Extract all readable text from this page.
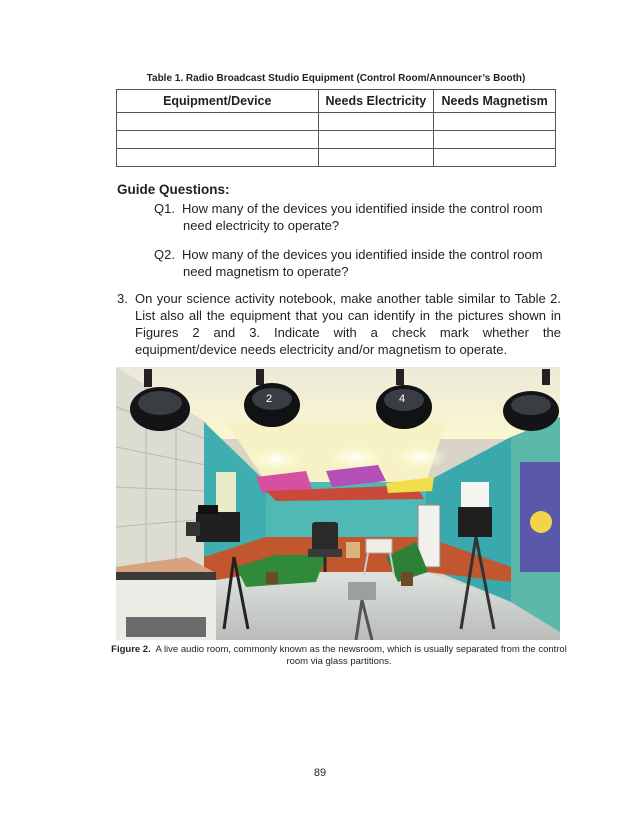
Table 1. Radio Broadcast Studio Equipment (Control Room/Announcer’s Booth)
Equipment/Device	Needs Electricity	Needs Magnetism

Guide Questions:
Q1. How many of the devices you identified inside the control room
need electricity to operate?
Q2. How many of the devices you identified inside the control room
need magnetism to operate?
3. On your science activity notebook, make another table similar to Table 2. List also all the equipment that you can identify in the pictures shown in Figures 2 and 3. Indicate with a check mark whether the equipment/device needs electricity and/or magnetism to operate.
2	4
Figure 2. A live audio room, commonly known as the newsroom, which is usually separated from the control room via glass partitions.
89
